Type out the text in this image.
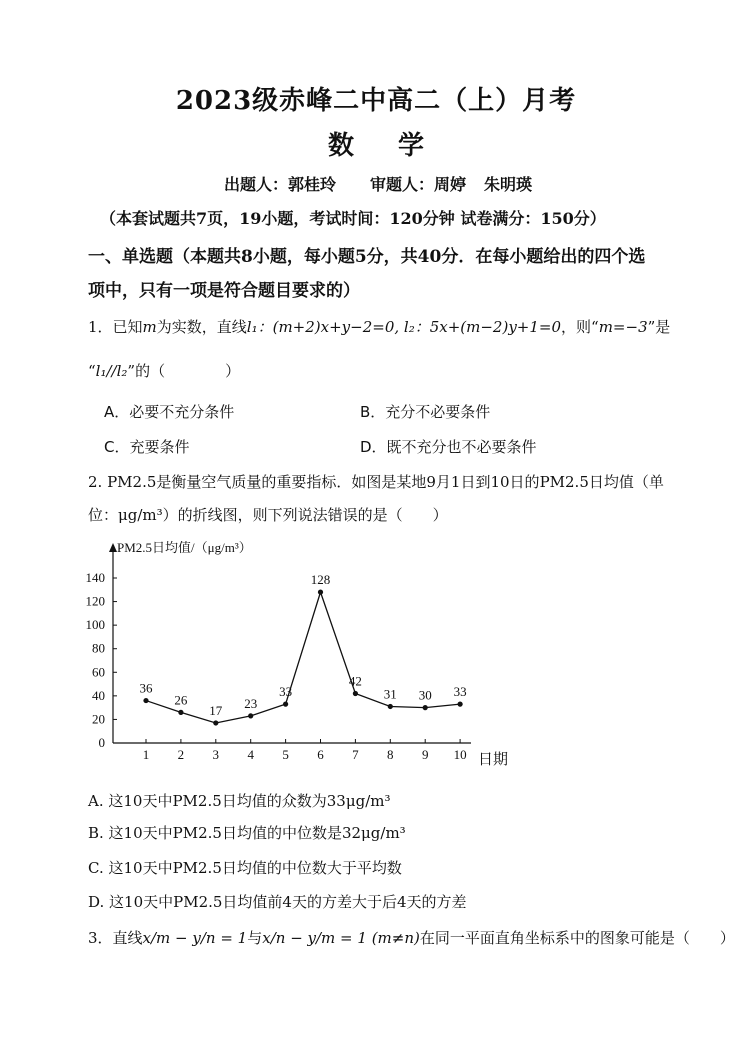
2023级赤峰二中高二（上）月考
数学
出题人：郭桂玲 审题人：周婷 朱明瑛
（本套试题共7页，19小题，考试时间：120分钟 试卷满分：150分）
一、单选题（本题共8小题，每小题5分，共40分．在每小题给出的四个选
项中，只有一项是符合题目要求的）
1．已知m为实数，直线l₁：(m+2)x+y−2=0, l₂：5x+(m−2)y+1=0，则“m=−3”是
“l₁//l₂”的（　　　　）
A．必要不充分条件	B．充分不必要条件
C．充要条件	D．既不充分也不必要条件
2. PM2.5是衡量空气质量的重要指标．如图是某地9月1日到10日的PM2.5日均值（单
位：μg/m³）的折线图，则下列说法错误的是（　　）
0
20
40
60
80
100
120
140
1 2 3 4 5 6 7 8 9 10
36
26
17 23
33
128
42
31 30 33
PM2.5日均值/（μg/m³）
日期
A. 这10天中PM2.5日均值的众数为33μg/m³
B. 这10天中PM2.5日均值的中位数是32μg/m³
C. 这10天中PM2.5日均值的中位数大于平均数
D. 这10天中PM2.5日均值前4天的方差大于后4天的方差
3．直线x/m − y/n = 1与x/n − y/m = 1 (m≠n)在同一平面直角坐标系中的图象可能是（　　）
